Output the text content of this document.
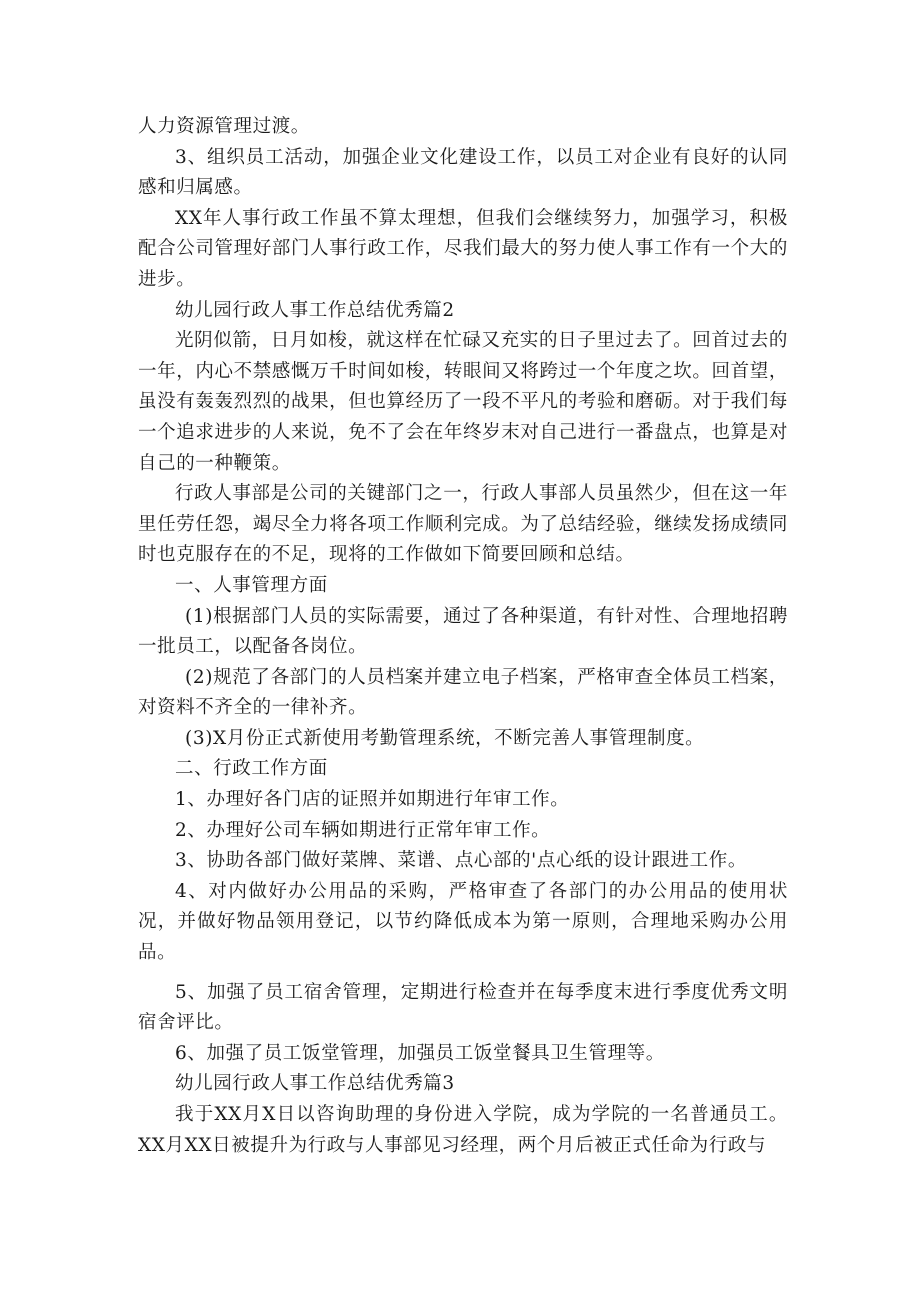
人力资源管理过渡。

3、组织员工活动，加强企业文化建设工作，以员工对企业有良好的认同感和归属感。

XX年人事行政工作虽不算太理想，但我们会继续努力，加强学习，积极配合公司管理好部门人事行政工作，尽我们最大的努力使人事工作有一个大的进步。

幼儿园行政人事工作总结优秀篇2

光阴似箭，日月如梭，就这样在忙碌又充实的日子里过去了。回首过去的一年，内心不禁感慨万千时间如梭，转眼间又将跨过一个年度之坎。回首望，虽没有轰轰烈烈的战果，但也算经历了一段不平凡的考验和磨砺。对于我们每一个追求进步的人来说，免不了会在年终岁末对自己进行一番盘点，也算是对自己的一种鞭策。

行政人事部是公司的关键部门之一，行政人事部人员虽然少，但在这一年里任劳任怨，竭尽全力将各项工作顺利完成。为了总结经验，继续发扬成绩同时也克服存在的不足，现将的工作做如下简要回顾和总结。

一、人事管理方面

(1)根据部门人员的实际需要，通过了各种渠道，有针对性、合理地招聘一批员工，以配备各岗位。

(2)规范了各部门的人员档案并建立电子档案，严格审查全体员工档案，对资料不齐全的一律补齐。

(3)X月份正式新使用考勤管理系统，不断完善人事管理制度。

二、行政工作方面

1、办理好各门店的证照并如期进行年审工作。

2、办理好公司车辆如期进行正常年审工作。

3、协助各部门做好菜牌、菜谱、点心部的'点心纸的设计跟进工作。

4、对内做好办公用品的采购，严格审查了各部门的办公用品的使用状况，并做好物品领用登记，以节约降低成本为第一原则，合理地采购办公用品。

5、加强了员工宿舍管理，定期进行检查并在每季度末进行季度优秀文明宿舍评比。

6、加强了员工饭堂管理，加强员工饭堂餐具卫生管理等。

幼儿园行政人事工作总结优秀篇3

我于XX月X日以咨询助理的身份进入学院，成为学院的一名普通员工。XX月XX日被提升为行政与人事部见习经理，两个月后被正式任命为行政与
